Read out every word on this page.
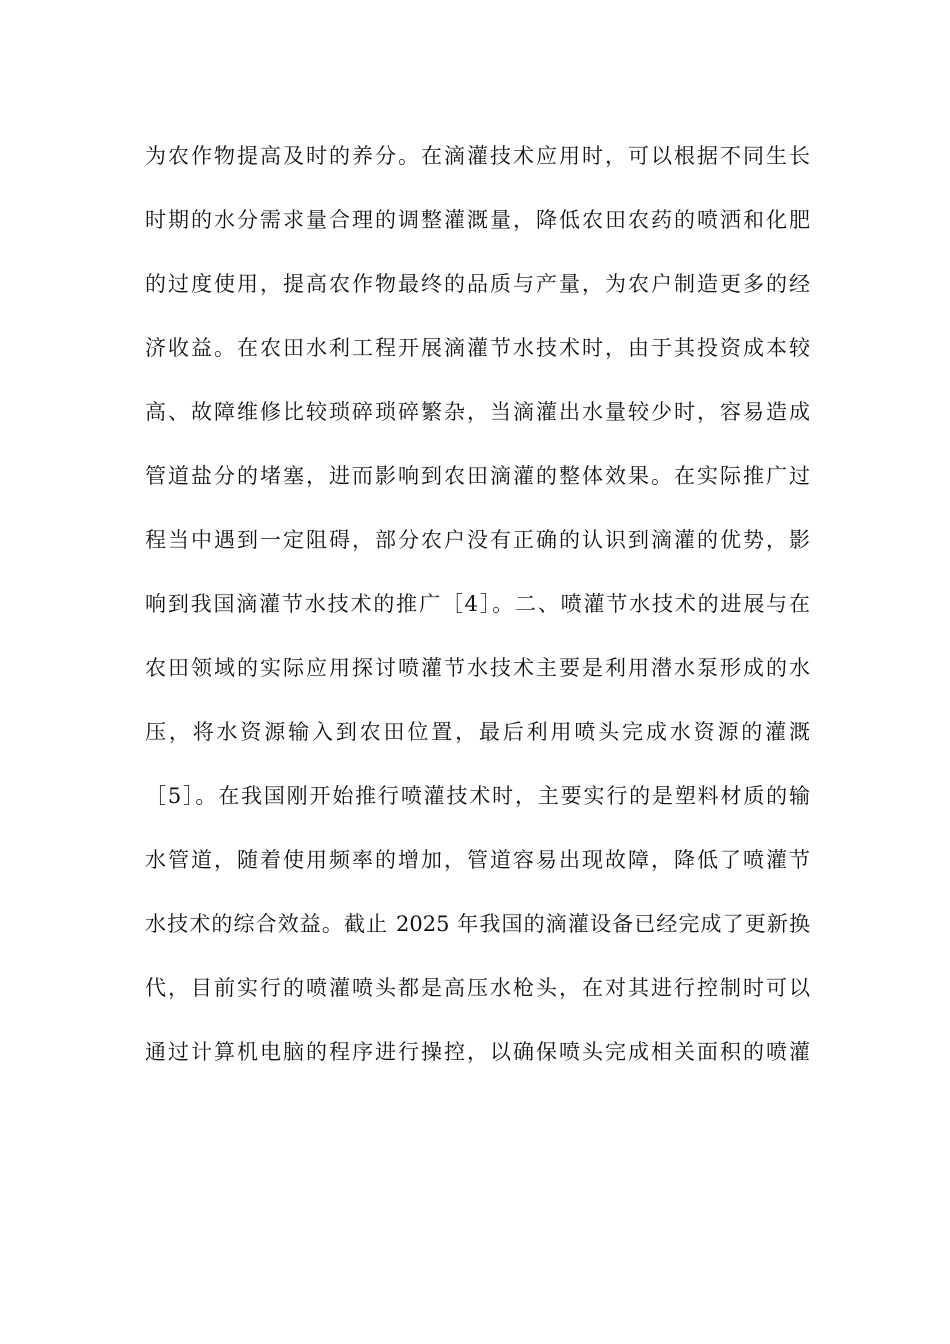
为农作物提高及时的养分。在滴灌技术应用时，可以根据不同生长
时期的水分需求量合理的调整灌溉量，降低农田农药的喷洒和化肥
的过度使用，提高农作物最终的品质与产量，为农户制造更多的经
济收益。在农田水利工程开展滴灌节水技术时，由于其投资成本较
高、故障维修比较琐碎琐碎繁杂，当滴灌出水量较少时，容易造成
管道盐分的堵塞，进而影响到农田滴灌的整体效果。在实际推广过
程当中遇到一定阻碍，部分农户没有正确的认识到滴灌的优势，影
响到我国滴灌节水技术的推广［4］。二、喷灌节水技术的进展与在
农田领域的实际应用探讨喷灌节水技术主要是利用潜水泵形成的水
压，将水资源输入到农田位置，最后利用喷头完成水资源的灌溉
［5］。在我国刚开始推行喷灌技术时，主要实行的是塑料材质的输
水管道，随着使用频率的增加，管道容易出现故障，降低了喷灌节
水技术的综合效益。截止 2025 年我国的滴灌设备已经完成了更新换
代，目前实行的喷灌喷头都是高压水枪头，在对其进行控制时可以
通过计算机电脑的程序进行操控，以确保喷头完成相关面积的喷灌
